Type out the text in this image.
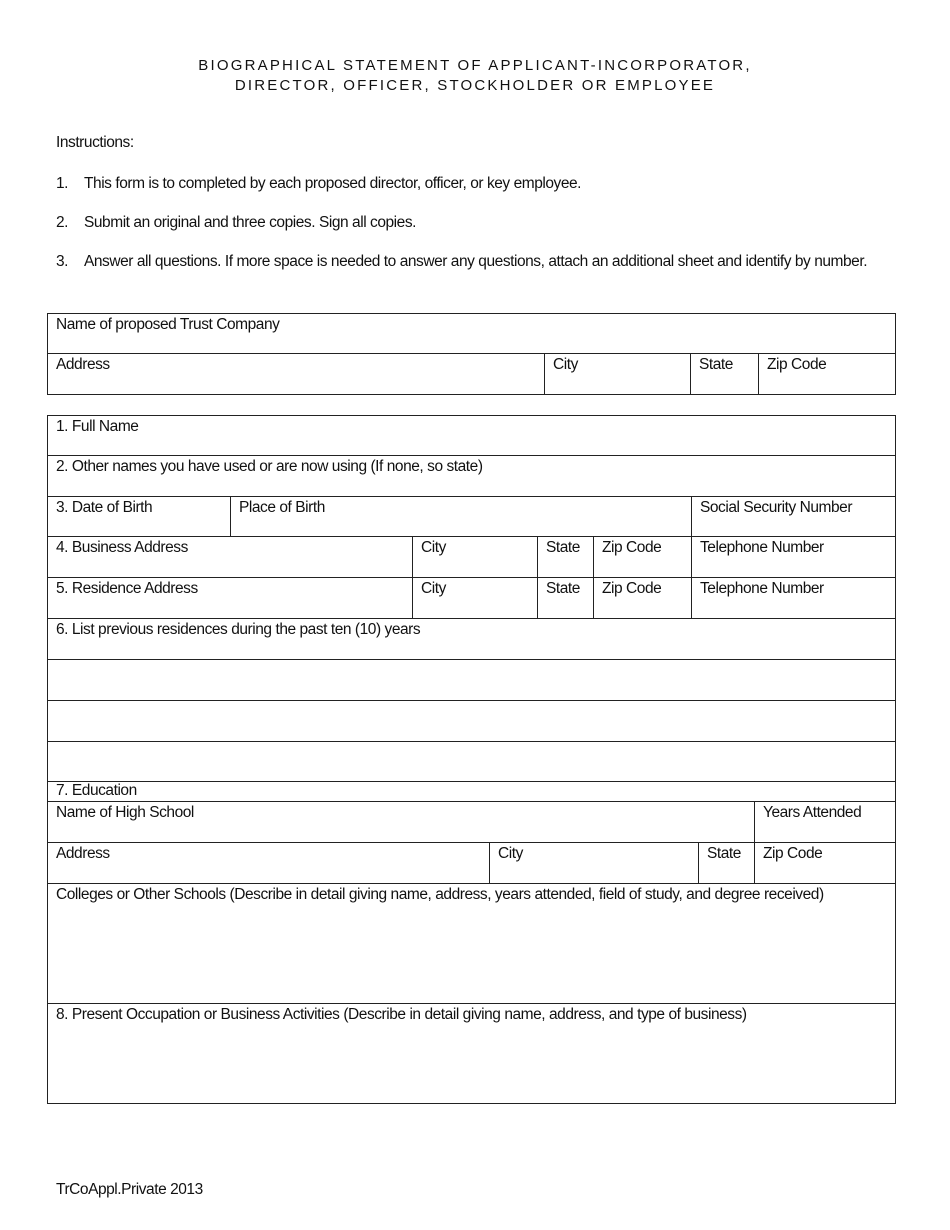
BIOGRAPHICAL STATEMENT OF APPLICANT-INCORPORATOR,
DIRECTOR, OFFICER, STOCKHOLDER OR EMPLOYEE
Instructions:
1. This form is to completed by each proposed director, officer, or key employee.
2. Submit an original and three copies. Sign all copies.
3. Answer all questions. If more space is needed to answer any questions, attach an additional sheet and identify by number.
Name of proposed Trust Company
Address	City	State	Zip Code
1. Full Name					
2. Other names you have used or are now using (If none, so state)					
3. Date of Birth	Place of Birth				Social Security Number
4. Business Address		City	State	Zip Code	Telephone Number
5. Residence Address		City	State	Zip Code	Telephone Number
6. List previous residences during the past ten (10) years					

7. Education			
Name of High School			Years Attended
Address	City	State	Zip Code
Colleges or Other Schools (Describe in detail giving name, address, years attended, field of study, and degree received)			
8. Present Occupation or Business Activities (Describe in detail giving name, address, and type of business)			
TrCoAppl.Private 2013
